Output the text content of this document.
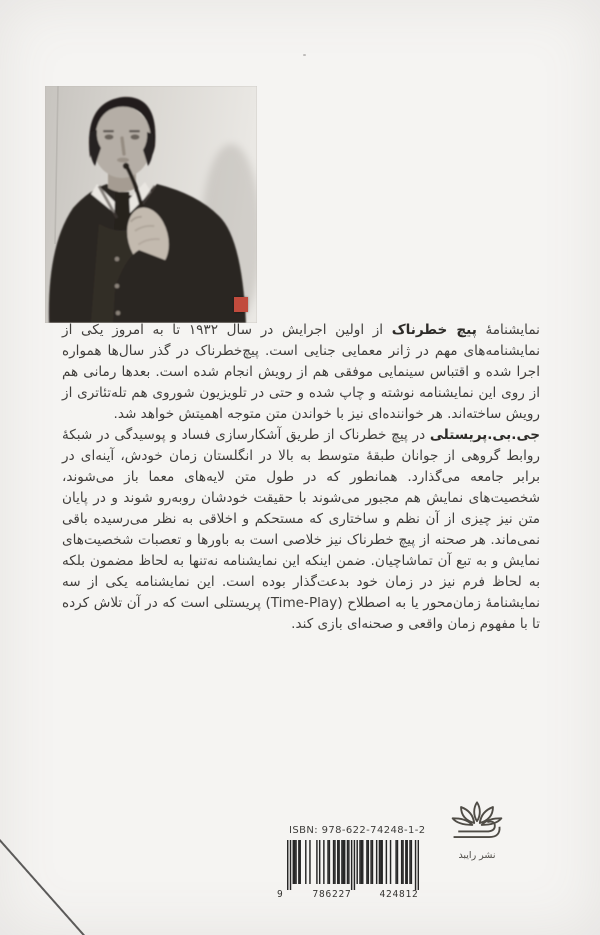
نمایشنامهٔ پیچ خطرناک از اولین اجرایش در سال ۱۹۳۲ تا به امروز یکی از نمایشنامه‌های مهم در ژانر معمایی جنایی است. پیچ‌خطرناک در گذر سال‌ها همواره اجرا شده و اقتباس سینمایی موفقی هم از رویش انجام شده است. بعدها رمانی هم از روی این نمایشنامه نوشته و چاپ شده و حتی در تلویزیون شوروی هم تله‌تئاتری از رویش ساخته‌اند. هر خواننده‌ای نیز با خواندن متن متوجه اهمیتش خواهد شد.

جی.بی.پریستلی در پیچ خطرناک از طریق آشکارسازی فساد و پوسیدگی در شبکهٔ روابط گروهی از جوانان طبقهٔ متوسط به بالا در انگلستان زمان خودش، آینه‌ای در برابر جامعه می‌گذارد. همانطور که در طول متن لایه‌های معما باز می‌شوند، شخصیت‌های نمایش هم مجبور می‌شوند با حقیقت خودشان روبه‌رو شوند و در پایان متن نیز چیزی از آن نظم و ساختاری که مستحکم و اخلاقی به نظر می‌رسیده باقی نمی‌ماند. هر صحنه از پیچ خطرناک نیز خلاصی است به باورها و تعصبات شخصیت‌های نمایش و به تبع آن تماشاچیان. ضمن اینکه این نمایشنامه نه‌تنها به لحاظ مضمون بلکه به لحاظ فرم نیز در زمان خود بدعت‌گذار بوده است. این نمایشنامه یکی از سه نمایشنامهٔ زمان‌محور یا به اصطلاح (Time-Play) پریستلی است که در آن تلاش کرده تا با مفهوم زمان واقعی و صحنه‌ای بازی کند.

ISBN: 978-622-74248-1-2
9	786227	424812
نشر رایبد
